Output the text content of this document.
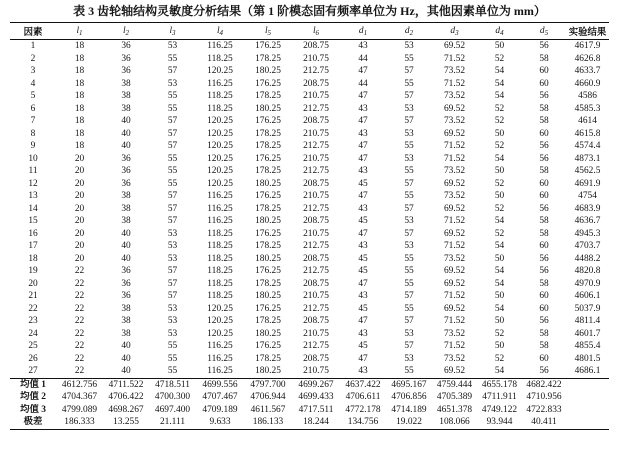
表 3 齿轮轴结构灵敏度分析结果（第 1 阶模态固有频率单位为 Hz，其他因素单位为 mm）
因素	$l_1$	$l_2$	$l_3$	$l_4$	$l_5$	$l_6$	$d_1$	$d_2$	$d_3$	$d_4$	$d_5$	实验结果
1	18	36	53	116.25	176.25	208.75	43	53	69.52	50	56	4617.9
2	18	36	55	118.25	178.25	210.75	44	55	71.52	52	58	4626.8
3	18	36	57	120.25	180.25	212.75	47	57	73.52	54	60	4633.7
4	18	38	53	116.25	176.25	208.75	44	55	71.52	54	60	4660.9
5	18	38	55	118.25	178.25	210.75	47	57	73.52	54	56	4586
6	18	38	55	118.25	180.25	212.75	43	53	69.52	52	58	4585.3
7	18	40	57	120.25	176.25	208.75	47	57	73.52	52	58	4614
8	18	40	57	120.25	178.25	210.75	43	53	69.52	50	60	4615.8
9	18	40	57	120.25	178.25	212.75	47	55	71.52	52	56	4574.4
10	20	36	55	120.25	176.25	210.75	47	53	71.52	54	56	4873.1
11	20	36	55	120.25	178.25	212.75	43	55	73.52	50	58	4562.5
12	20	36	55	120.25	180.25	208.75	45	57	69.52	52	60	4691.9
13	20	38	57	116.25	176.25	210.75	47	55	73.52	50	60	4754
14	20	38	57	116.25	178.25	212.75	43	57	69.52	52	56	4683.9
15	20	38	57	116.25	180.25	208.75	45	53	71.52	54	58	4636.7
16	20	40	53	118.25	176.25	210.75	47	57	69.52	52	58	4945.3
17	20	40	53	118.25	178.25	212.75	43	53	71.52	54	60	4703.7
18	20	40	53	118.25	180.25	208.75	45	55	73.52	50	56	4488.2
19	22	36	57	118.25	176.25	212.75	45	55	69.52	54	56	4820.8
20	22	36	57	118.25	178.25	208.75	47	55	69.52	54	58	4970.9
21	22	36	57	118.25	180.25	210.75	43	57	71.52	50	60	4606.1
22	22	38	53	120.25	176.25	212.75	45	55	69.52	54	60	5037.9
23	22	38	53	120.25	178.25	208.75	47	57	71.52	50	56	4811.4
24	22	38	53	120.25	180.25	210.75	43	53	73.52	52	58	4601.7
25	22	40	55	116.25	176.25	212.75	45	57	71.52	50	58	4855.4
26	22	40	55	116.25	178.25	208.75	47	53	73.52	52	60	4801.5
27	22	40	55	116.25	180.25	210.75	43	55	69.52	54	56	4686.1
均值 1	4612.756	4711.522	4718.511	4699.556	4797.700	4699.267	4637.422	4695.167	4759.444	4655.178	4682.422	
均值 2	4704.367	4706.422	4700.300	4707.467	4706.944	4699.433	4706.611	4706.856	4705.389	4711.911	4710.956	
均值 3	4799.089	4698.267	4697.400	4709.189	4611.567	4717.511	4772.178	4714.189	4651.378	4749.122	4722.833	
极差	186.333	13.255	21.111	9.633	186.133	18.244	134.756	19.022	108.066	93.944	40.411	
